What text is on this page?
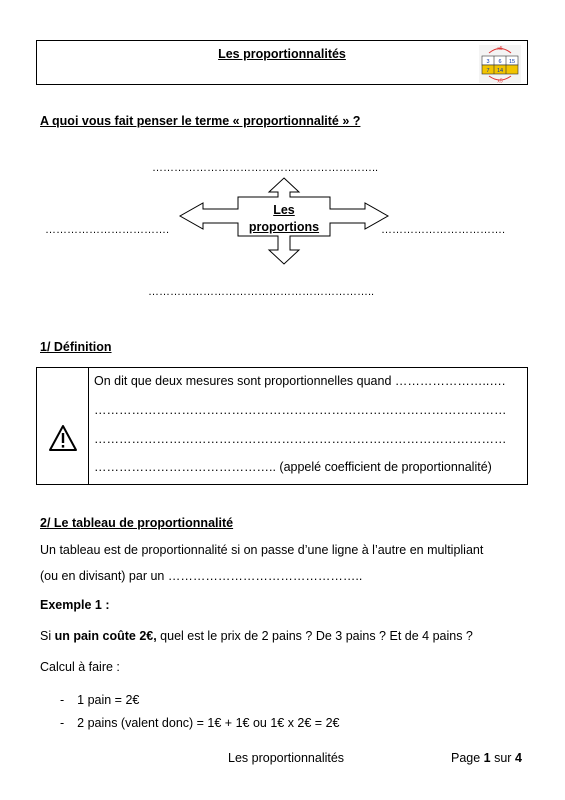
Les proportionnalités	x5
3 6 15
7 14
x5
A quoi vous fait penser le terme « proportionnalité » ?
……………………………………………………..
…………………………….	…………………………….
……………………………………………………..
Les
proportions
1/ Définition
On dit que deux mesures sont proportionnelles quand …………………..….
………………………………………………………………………………………
………………………………………………………………………………………
…………………………………….. (appelé coefficient de proportionnalité)
2/ Le tableau de proportionnalité
Un tableau est de proportionnalité si on passe d’une ligne à l’autre en multipliant
(ou en divisant) par un ………………………………………..
Exemple 1 :
Si un pain coûte 2€, quel est le prix de 2 pains ? De 3 pains ? Et de 4 pains ?
Calcul à faire :
- 1 pain = 2€
- 2 pains (valent donc) = 1€ + 1€ ou 1€ x 2€ = 2€
Les proportionnalités	Page 1 sur 4
